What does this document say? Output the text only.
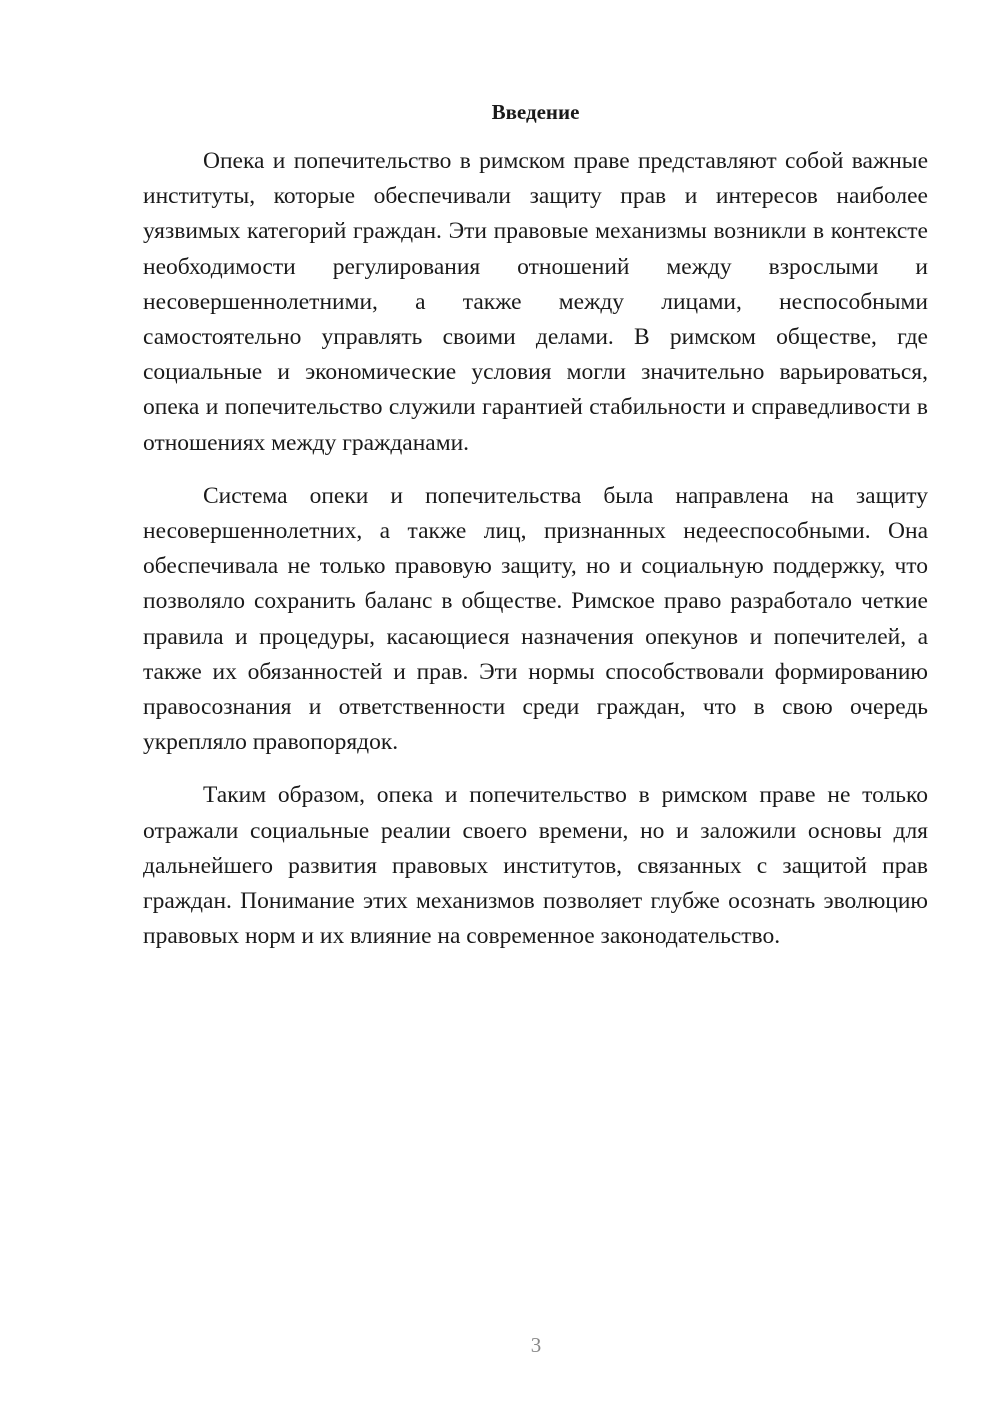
Введение

Опека и попечительство в римском праве представляют собой важные институты, которые обеспечивали защиту прав и интересов наиболее уязвимых категорий граждан. Эти правовые механизмы возникли в контексте необходимости регулирования отношений между взрослыми и несовершеннолетними, а также между лицами, неспособными самостоятельно управлять своими делами. В римском обществе, где социальные и экономические условия могли значительно варьироваться, опека и попечительство служили гарантией стабильности и справедливости в отношениях между гражданами.

Система опеки и попечительства была направлена на защиту несовершеннолетних, а также лиц, признанных недееспособными. Она обеспечивала не только правовую защиту, но и социальную поддержку, что позволяло сохранить баланс в обществе. Римское право разработало четкие правила и процедуры, касающиеся назначения опекунов и попечителей, а также их обязанностей и прав. Эти нормы способствовали формированию правосознания и ответственности среди граждан, что в свою очередь укрепляло правопорядок.

Таким образом, опека и попечительство в римском праве не только отражали социальные реалии своего времени, но и заложили основы для дальнейшего развития правовых институтов, связанных с защитой прав граждан. Понимание этих механизмов позволяет глубже осознать эволюцию правовых норм и их влияние на современное законодательство.

3
